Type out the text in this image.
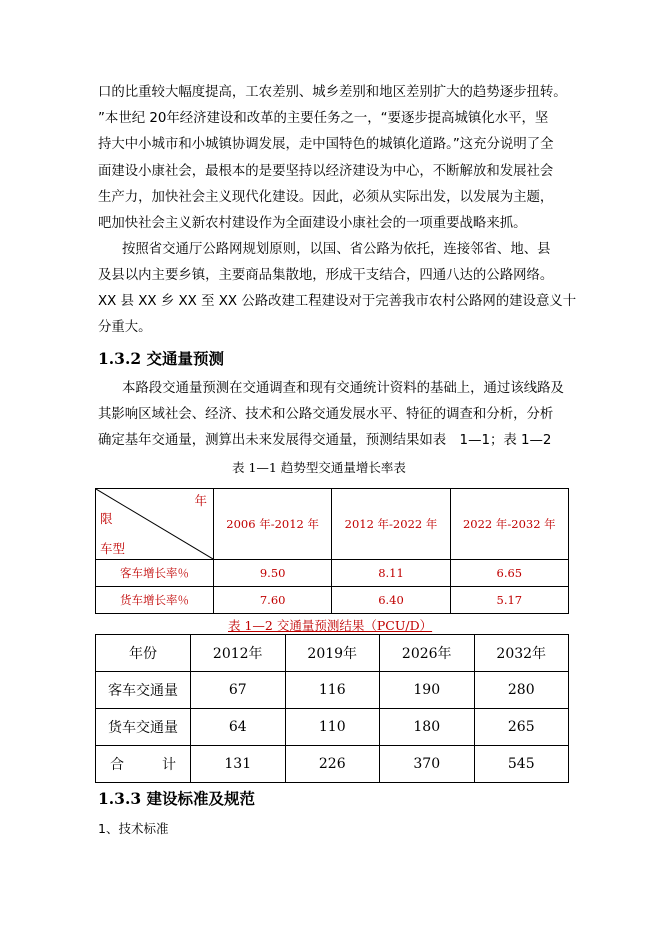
口的比重较大幅度提高，工农差别、城乡差别和地区差别扩大的趋势逐步扭转。
”本世纪 20年经济建设和改革的主要任务之一，“要逐步提高城镇化水平，坚
持大中小城市和小城镇协调发展，走中国特色的城镇化道路。”这充分说明了全
面建设小康社会，最根本的是要坚持以经济建设为中心，不断解放和发展社会
生产力，加快社会主义现代化建设。因此，必须从实际出发，以发展为主题，
吧加快社会主义新农村建设作为全面建设小康社会的一项重要战略来抓。
按照省交通厅公路网规划原则，以国、省公路为依托，连接邻省、地、县
及县以内主要乡镇，主要商品集散地，形成干支结合，四通八达的公路网络。
XX 县 XX 乡 XX 至 XX 公路改建工程建设对于完善我市农村公路网的建设意义十
分重大。
1.3.2 交通量预测
本路段交通量预测在交通调查和现有交通统计资料的基础上，通过该线路及
其影响区域社会、经济、技术和公路交通发展水平、特征的调查和分析，分析
确定基年交通量，测算出未来发展得交通量，预测结果如表　1—1；表 1—2
表 1—1 趋势型交通量增长率表
年
限
车型	2006 年-2012 年	2012 年-2022 年	2022 年-2032 年
客车增长率％	9.50	8.11	6.65
货车增长率％	7.60	6.40	5.17
表 1—2 交通量预测结果（PCU/D）
年份	2012年	2019年	2026年	2032年
客车交通量	67	116	190	280
货车交通量	64	110	180	265

合 计	131	226	370	545
1.3.3 建设标准及规范
1、技术标准
